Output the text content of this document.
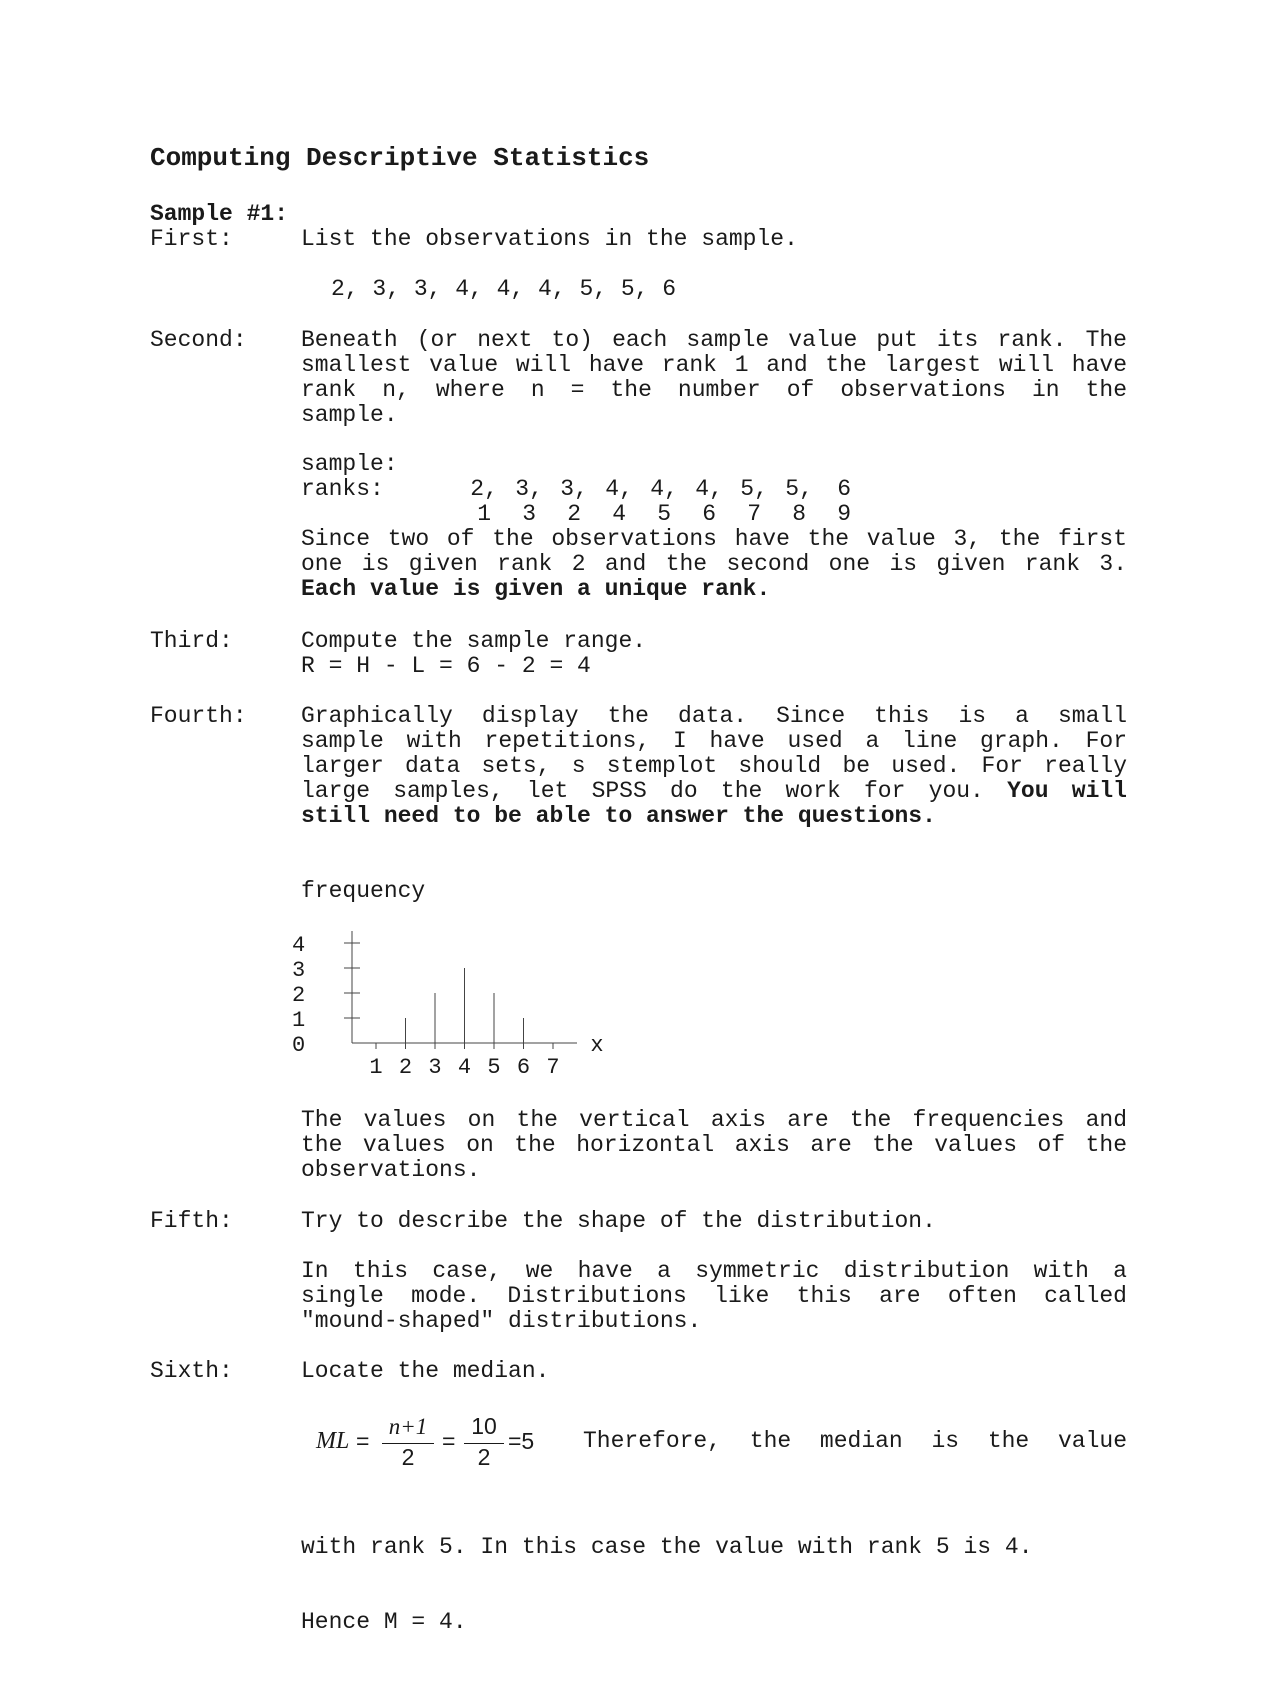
Computing Descriptive Statistics
Sample #1:
First:	List the observations in the sample.
2, 3, 3, 4, 4, 4, 5, 5, 6
Second: Beneath (or next to) each sample value put its rank. The
smallest value will have rank 1 and the largest will have
rank n, where n = the number of observations in the
sample.
sample:

2, 3, 3, 4, 4, 4, 5, 5, 6

ranks:

1 3 2 4 5 6 7 8 9

Since two of the observations have the value 3, the first
one is given rank 2 and the second one is given rank 3.
Each value is given a unique rank.
Third:	Compute the sample range.
R = H - L = 6 - 2 = 4
Fourth: Graphically display the data. Since this is a small
sample with repetitions, I have used a line graph. For
larger data sets, s stemplot should be used. For really
large samples, let SPSS do the work for you. You will
still need to be able to answer the questions.
frequency
4
3
2
1
0
1 2 3 4 5 6 7
x
The values on the vertical axis are the frequencies and
the values on the horizontal axis are the values of the
observations.
Fifth:	Try to describe the shape of the distribution.
In this case, we have a symmetric distribution with a
single mode. Distributions like this are often called
"mound-shaped" distributions.
Sixth:	Locate the median.

ML

=

n+1

2

=

10

2

=5 Therefore, the median is the value

with rank 5. In this case the value with rank 5 is 4.

Hence M = 4.
